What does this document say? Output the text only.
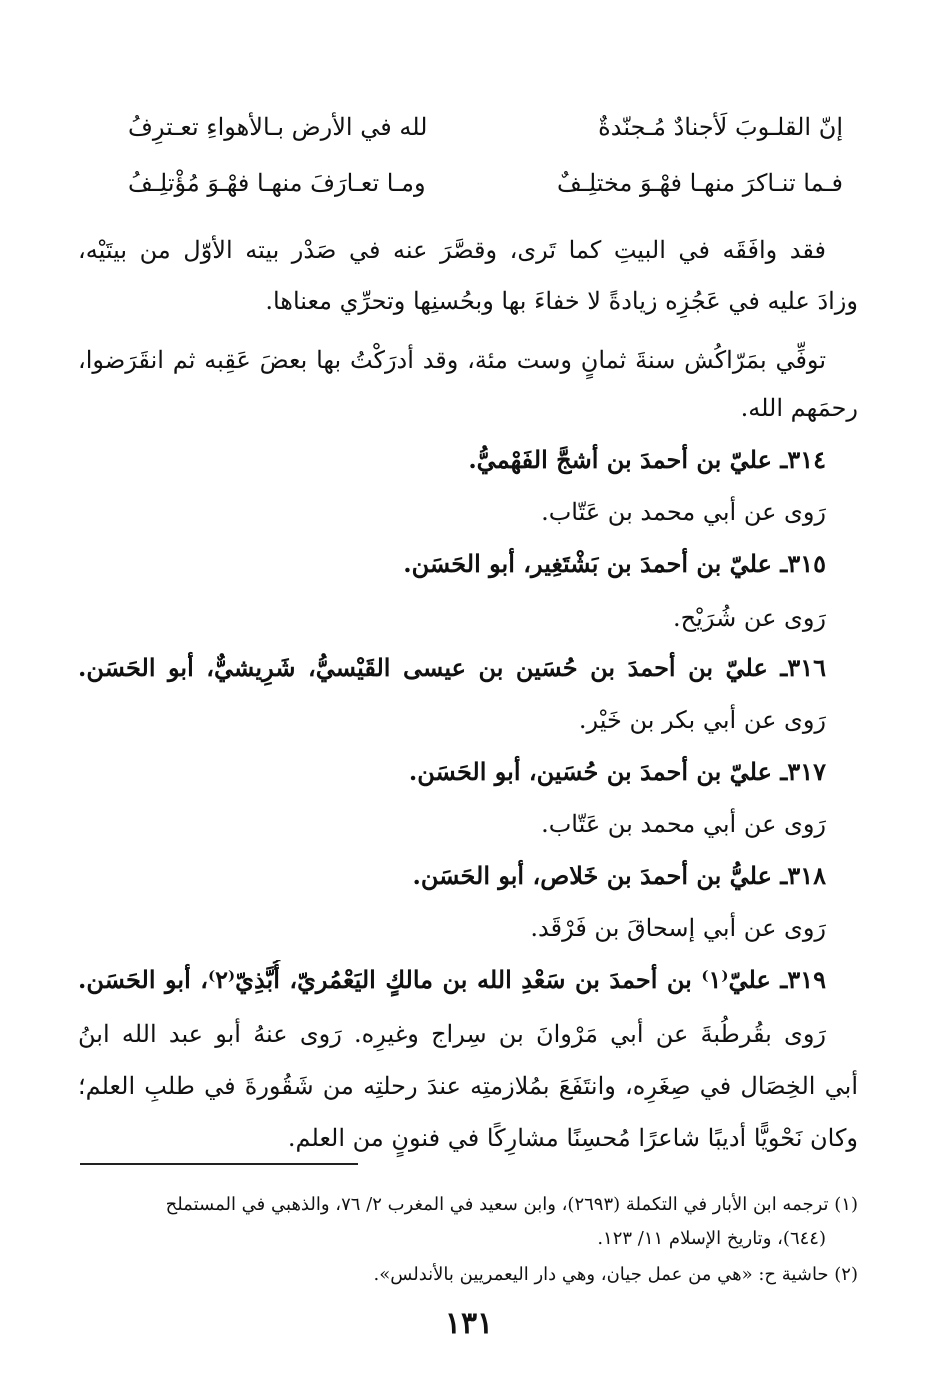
إنّ القلـوبَ لَأجنادٌ مُـجنّدةٌ
لله في الأرض بـالأهواءِ تعـترِفُ
فـما تنـاكرَ منهـا فهْـوَ مختلِـفٌ
ومـا تعـارَفَ منهـا فهْـوَ مُؤْتلِـفُ
فقد وافَقَه في البيتِ كما تَرى، وقصَّرَ عنه في صَدْر بيته الأوّل من بيتَيْه،
وزادَ عليه في عَجُزِه زيادةً لا خفاءَ بها وبحُسنِها وتحرِّي معناها.
توفِّي بمَرّاكُش سنةَ ثمانٍ وست مئة، وقد أدرَكْتُ بها بعضَ عَقِبه ثم انقَرَضوا،
رحمَهم الله.
٣١٤ـ عليّ بن أحمدَ بن أشجَّ الفَهْميُّ.
رَوى عن أبي محمد بن عَتّاب.
٣١٥ـ عليّ بن أحمدَ بن بَشْتَغِير، أبو الحَسَن.
رَوى عن شُرَيْح.
٣١٦ـ عليّ بن أحمدَ بن حُسَين بن عيسى القَيْسيُّ، شَرِيشيٌّ، أبو الحَسَن.
رَوى عن أبي بكر بن خَيْر.
٣١٧ـ عليّ بن أحمدَ بن حُسَين، أبو الحَسَن.
رَوى عن أبي محمد بن عَتّاب.
٣١٨ـ عليُّ بن أحمدَ بن خَلاص، أبو الحَسَن.
رَوى عن أبي إسحاقَ بن فَرْقَد.
٣١٩ـ عليّ⁽١⁾ بن أحمدَ بن سَعْدِ الله بن مالكٍ اليَعْمُريّ، أُبَّذِيّ⁽٢⁾، أبو الحَسَن.
رَوى بقُرطُبةَ عن أبي مَرْوانَ بن سِراج وغيرِه. رَوى عنهُ أبو عبد الله ابنُ
أبي الخِصَال في صِغَرِه، وانتَفَعَ بمُلازمتِه عندَ رحلتِه من شَقُورةَ في طلبِ العلم؛
وكان نَحْويًّا أديبًا شاعرًا مُحسِنًا مشارِكًا في فنونٍ من العلم.
(١) ترجمه ابن الأبار في التكملة (٢٦٩٣)، وابن سعيد في المغرب ٢/ ٧٦، والذهبي في المستملح
(٦٤٤)، وتاريخ الإسلام ١١/ ١٢٣.
(٢) حاشية ح: «هي من عمل جيان، وهي دار اليعمريين بالأندلس».
١٣١
